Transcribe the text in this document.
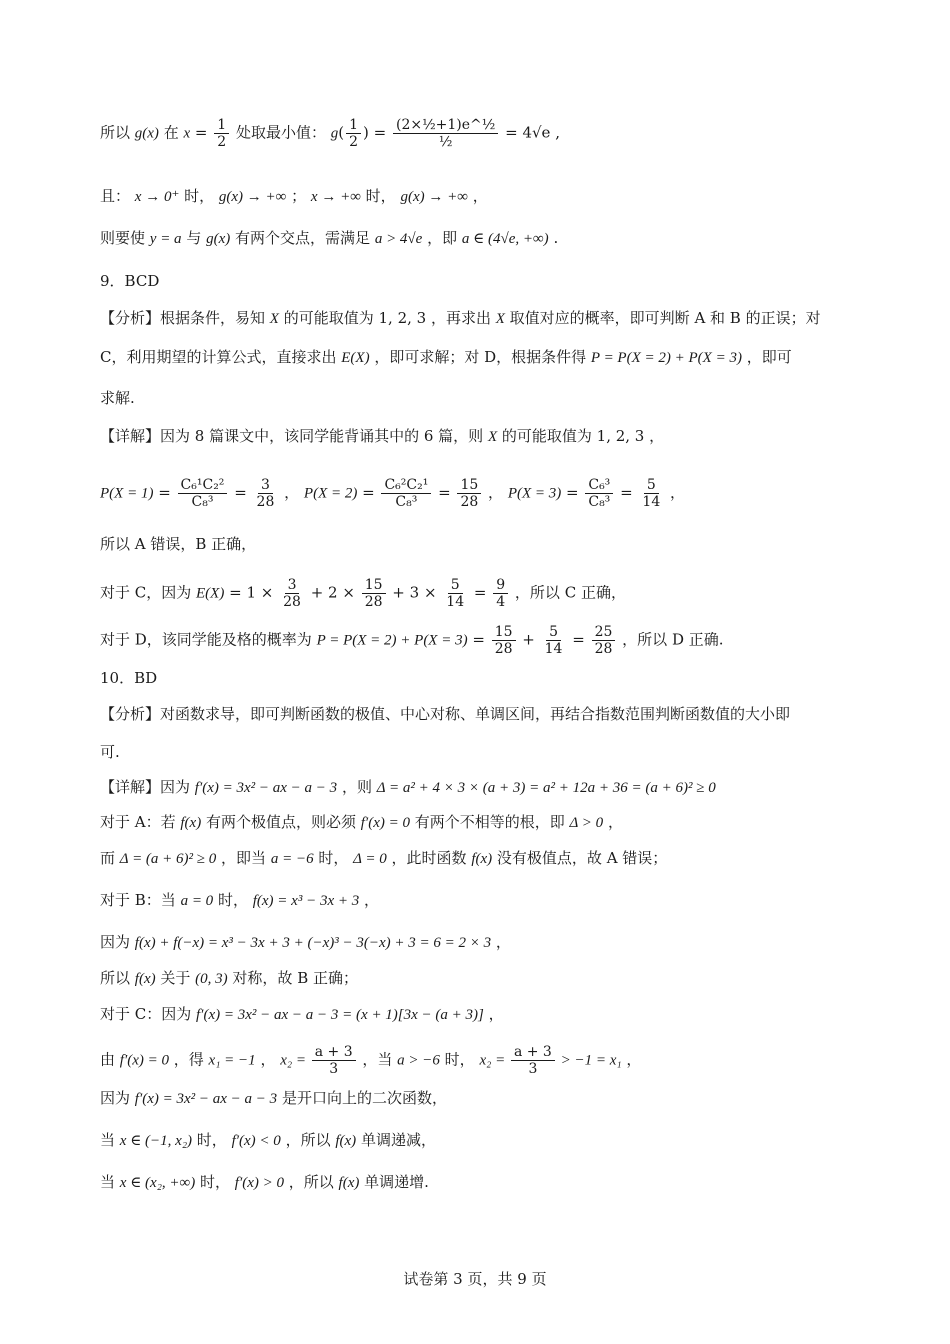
所以 g(x) 在 $x = \frac{1}{2}$ 处取最小值： $g( \frac{1}{2}$ ) = $\frac{\text{(2×½+1)e\textasciicircum{}½}}{\text{½}} = 4√e$ ,
且： x → 0⁺ 时， g(x) → +∞ ； x → +∞ 时， g(x) → +∞ ，
则要使 y = a 与 g(x) 有两个交点，需满足 a > 4√e ，即 a ∈ (4√e, +∞) .
9．BCD
【分析】根据条件，易知 X 的可能取值为 1, 2, 3 ，再求出 X 取值对应的概率，即可判断 A 和 B 的正误；对
C，利用期望的计算公式，直接求出 E(X) ，即可求解；对 D，根据条件得 P = P(X = 2) + P(X = 3) ，即可
求解.
【详解】因为 8 篇课文中，该同学能背诵其中的 6 篇，则 X 的可能取值为 1, 2, 3 ，
$P(X = 1) = \frac{\text{C₆¹C₂²}}{\text{C₈³}} = \frac{3}{28}$ ， $P(X = 2) = \frac{\text{C₆²C₂¹}}{\text{C₈³}} = \frac{15}{28}$ ， $P(X = 3) = \frac{\text{C₆³}}{\text{C₈³}} = \frac{5}{14}$ ，
所以 A 错误，B 正确，
对于 C，因为 $E(X) = 1 \times \frac{3}{28} + 2 \times \frac{15}{28} + 3 \times \frac{5}{14} = \frac{9}{4}$ ，所以 C 正确，
对于 D，该同学能及格的概率为 $P = P(X = 2) + P(X = 3) = \frac{15}{28} + \frac{5}{14} = \frac{25}{28}$ ，所以 D 正确.
10．BD
【分析】对函数求导，即可判断函数的极值、中心对称、单调区间，再结合指数范围判断函数值的大小即
可.
【详解】因为 f′(x) = 3x² − ax − a − 3 ，则 Δ = a² + 4 × 3 × (a + 3) = a² + 12a + 36 = (a + 6)² ≥ 0
对于 A：若 f(x) 有两个极值点，则必须 f′(x) = 0 有两个不相等的根，即 Δ > 0 ，
而 Δ = (a + 6)² ≥ 0 ，即当 a = −6 时， Δ = 0 ，此时函数 f(x) 没有极值点，故 A 错误；
对于 B：当 a = 0 时， f(x) = x³ − 3x + 3 ，
因为 f(x) + f(−x) = x³ − 3x + 3 + (−x)³ − 3(−x) + 3 = 6 = 2 × 3 ，
所以 f(x) 关于 (0, 3) 对称，故 B 正确；
对于 C：因为 f′(x) = 3x² − ax − a − 3 = (x + 1)[3x − (a + 3)] ，
由 f′(x) = 0 ，得 x₁ = −1 ， $x_2 = \frac{a + 3}{3}$ ，当 a > −6 时， $x_2 = \frac{a + 3}{3} > -1 = x_1$ ，
因为 f′(x) = 3x² − ax − a − 3 是开口向上的二次函数，
当 x ∈ (−1, x₂) 时， f′(x) < 0 ，所以 f(x) 单调递减，
当 x ∈ (x₂, +∞) 时， f′(x) > 0 ，所以 f(x) 单调递增.
试卷第 3 页，共 9 页
